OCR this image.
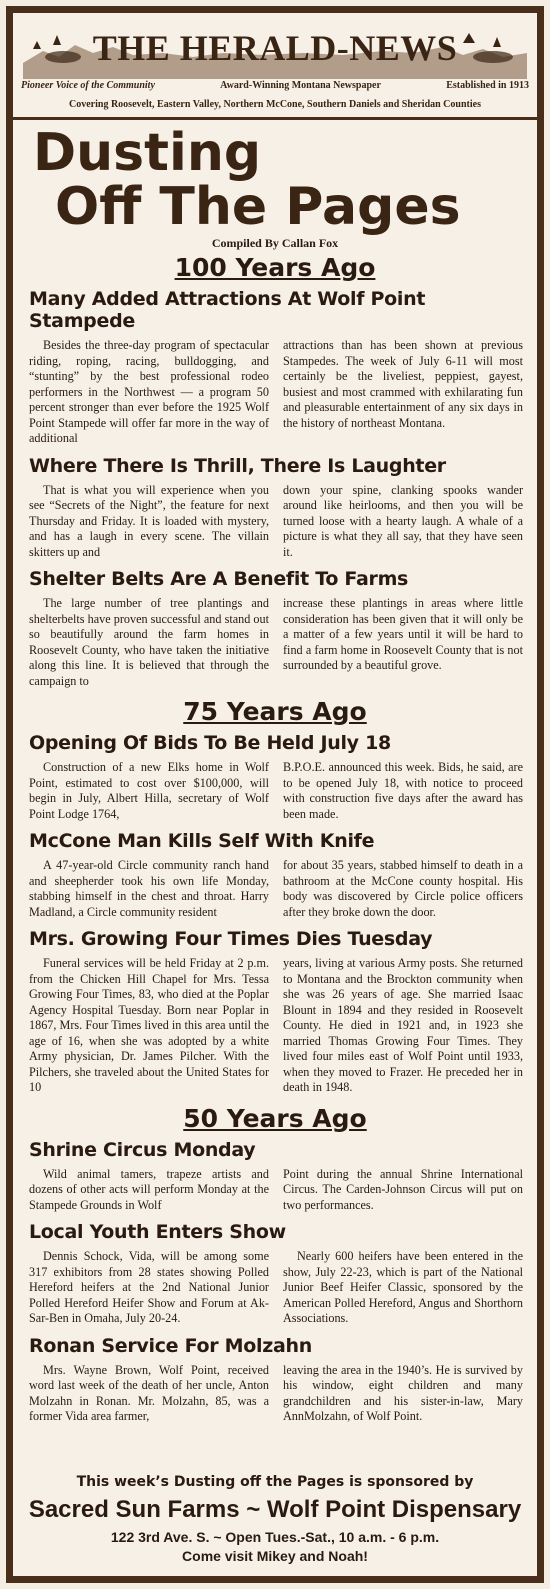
THE HERALD-NEWS
Pioneer Voice of the Community	Award-Winning Montana Newspaper	Established in 1913
Covering Roosevelt, Eastern Valley, Northern McCone, Southern Daniels and Sheridan Counties
Dusting
Off The Pages
Compiled By Callan Fox
100 Years Ago
Many Added Attractions At Wolf Point Stampede
Besides the three-day program of spectacular riding, roping, racing, bulldogging, and “stunting” by the best professional rodeo performers in the Northwest — a program 50 percent stronger than ever before the 1925 Wolf Point Stampede will offer far more in the way of additional
attractions than has been shown at previous Stampedes. The week of July 6-11 will most certainly be the liveliest, peppiest, gayest, busiest and most crammed with exhilarating fun and pleasurable entertainment of any six days in the history of northeast Montana.
Where There Is Thrill, There Is Laughter
That is what you will experience when you see “Secrets of the Night”, the feature for next Thursday and Friday. It is loaded with mystery, and has a laugh in every scene. The villain skitters up and
down your spine, clanking spooks wander around like heirlooms, and then you will be turned loose with a hearty laugh. A whale of a picture is what they all say, that they have seen it.
Shelter Belts Are A Benefit To Farms
The large number of tree plantings and shelterbelts have proven successful and stand out so beautifully around the farm homes in Roosevelt County, who have taken the initiative along this line. It is believed that through the campaign to
increase these plantings in areas where little consideration has been given that it will only be a matter of a few years until it will be hard to find a farm home in Roosevelt County that is not surrounded by a beautiful grove.
75 Years Ago
Opening Of Bids To Be Held July 18
Construction of a new Elks home in Wolf Point, estimated to cost over $100,000, will begin in July, Albert Hilla, secretary of Wolf Point Lodge 1764,
B.P.O.E. announced this week. Bids, he said, are to be opened July 18, with notice to proceed with construction five days after the award has been made.
McCone Man Kills Self With Knife
A 47-year-old Circle community ranch hand and sheepherder took his own life Monday, stabbing himself in the chest and throat. Harry Madland, a Circle community resident
for about 35 years, stabbed himself to death in a bathroom at the McCone county hospital. His body was discovered by Circle police officers after they broke down the door.
Mrs. Growing Four Times Dies Tuesday
Funeral services will be held Friday at 2 p.m. from the Chicken Hill Chapel for Mrs. Tessa Growing Four Times, 83, who died at the Poplar Agency Hospital Tuesday. Born near Poplar in 1867, Mrs. Four Times lived in this area until the age of 16, when she was adopted by a white Army physician, Dr. James Pilcher. With the Pilchers, she traveled about the United States for 10
years, living at various Army posts. She returned to Montana and the Brockton community when she was 26 years of age. She married Isaac Blount in 1894 and they resided in Roosevelt County. He died in 1921 and, in 1923 she married Thomas Growing Four Times. They lived four miles east of Wolf Point until 1933, when they moved to Frazer. He preceded her in death in 1948.
50 Years Ago
Shrine Circus Monday
Wild animal tamers, trapeze artists and dozens of other acts will perform Monday at the Stampede Grounds in Wolf
Point during the annual Shrine International Circus. The Carden-Johnson Circus will put on two performances.
Local Youth Enters Show
Dennis Schock, Vida, will be among some 317 exhibitors from 28 states showing Polled Hereford heifers at the 2nd National Junior Polled Hereford Heifer Show and Forum at Ak-Sar-Ben in Omaha, July 20-24.
Nearly 600 heifers have been entered in the show, July 22-23, which is part of the National Junior Beef Heifer Classic, sponsored by the American Polled Hereford, Angus and Shorthorn Associations.
Ronan Service For Molzahn
Mrs. Wayne Brown, Wolf Point, received word last week of the death of her uncle, Anton Molzahn in Ronan. Mr. Molzahn, 85, was a former Vida area farmer,
leaving the area in the 1940’s. He is survived by his window, eight children and many grandchildren and his sister-in-law, Mary AnnMolzahn, of Wolf Point.
This week’s Dusting off the Pages is sponsored by
Sacred Sun Farms ~ Wolf Point Dispensary
122 3rd Ave. S. ~ Open Tues.-Sat., 10 a.m. - 6 p.m.
Come visit Mikey and Noah!
